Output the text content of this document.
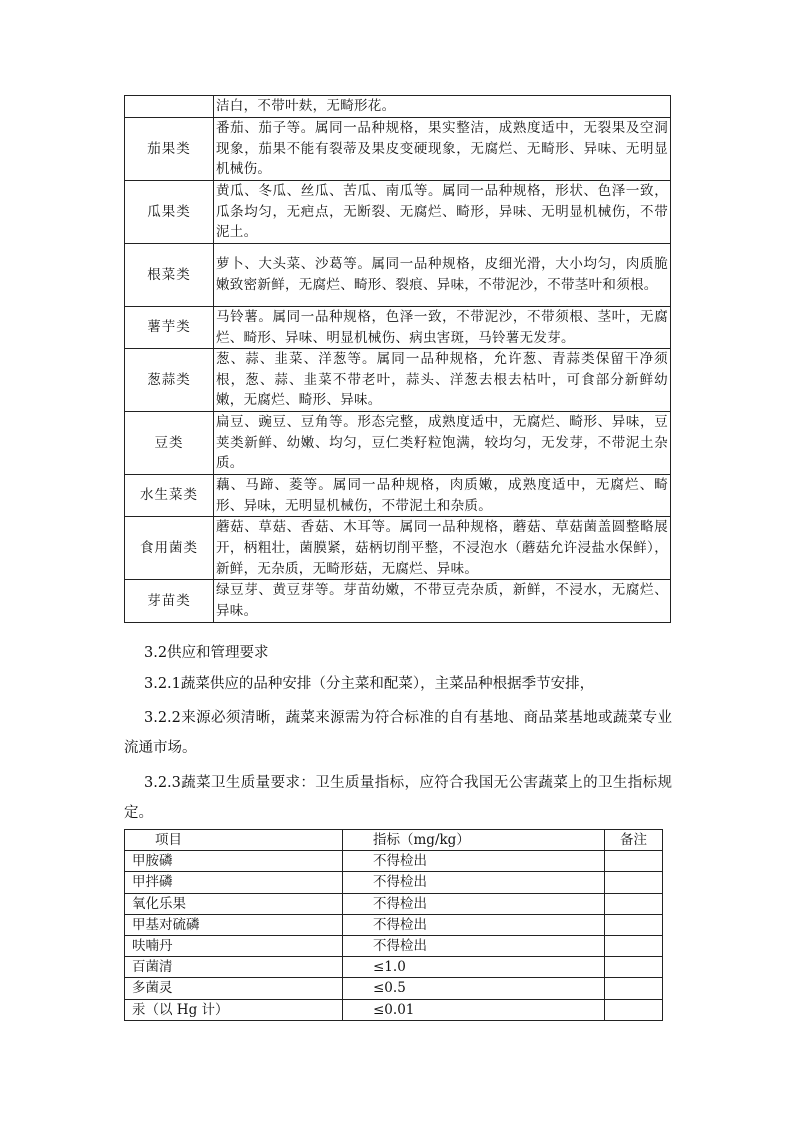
	洁白，不带叶麸，无畸形花。
茄果类	番茄、茄子等。属同一品种规格，果实整洁，成熟度适中，无裂果及空洞现象，茄果不能有裂蒂及果皮变硬现象，无腐烂、无畸形、异味、无明显机械伤。
瓜果类	黄瓜、冬瓜、丝瓜、苦瓜、南瓜等。属同一品种规格，形状、色泽一致，瓜条均匀，无疤点，无断裂、无腐烂、畸形，异味、无明显机械伤，不带泥土。
根菜类	萝卜、大头菜、沙葛等。属同一品种规格，皮细光滑，大小均匀，肉质脆嫩致密新鲜，无腐烂、畸形、裂痕、异味，不带泥沙，不带茎叶和须根。
薯芋类	马铃薯。属同一品种规格，色泽一致，不带泥沙，不带须根、茎叶，无腐烂、畸形、异味、明显机械伤、病虫害斑，马铃薯无发芽。
葱蒜类	葱、蒜、韭菜、洋葱等。属同一品种规格，允许葱、青蒜类保留干净须根，葱、蒜、韭菜不带老叶，蒜头、洋葱去根去枯叶，可食部分新鲜幼嫩，无腐烂、畸形、异味。
豆类	扁豆、豌豆、豆角等。形态完整，成熟度适中，无腐烂、畸形、异味，豆荚类新鲜、幼嫩、均匀，豆仁类籽粒饱满，较均匀，无发芽，不带泥土杂质。
水生菜类	藕、马蹄、菱等。属同一品种规格，肉质嫩，成熟度适中，无腐烂、畸形、异味，无明显机械伤，不带泥土和杂质。
食用菌类	蘑菇、草菇、香菇、木耳等。属同一品种规格，蘑菇、草菇菌盖圆整略展开，柄粗壮，菌膜紧，菇柄切削平整，不浸泡水（蘑菇允许浸盐水保鲜），新鲜，无杂质，无畸形菇，无腐烂、异味。
芽苗类	绿豆芽、黄豆芽等。芽苗幼嫩，不带豆壳杂质，新鲜，不浸水，无腐烂、异味。

3.2供应和管理要求

3.2.1蔬菜供应的品种安排（分主菜和配菜），主菜品种根据季节安排，

3.2.2来源必须清晰，蔬菜来源需为符合标准的自有基地、商品菜基地或蔬菜专业流通市场。

3.2.3蔬菜卫生质量要求：卫生质量指标，应符合我国无公害蔬菜上的卫生指标规定。

项目	指标（mg/kg）	备注
甲胺磷	不得检出	
甲拌磷	不得检出	
氧化乐果	不得检出	
甲基对硫磷	不得检出	
呋喃丹	不得检出	
百菌清	≤1.0	
多菌灵	≤0.5	
汞（以 Hg 计）	≤0.01	
